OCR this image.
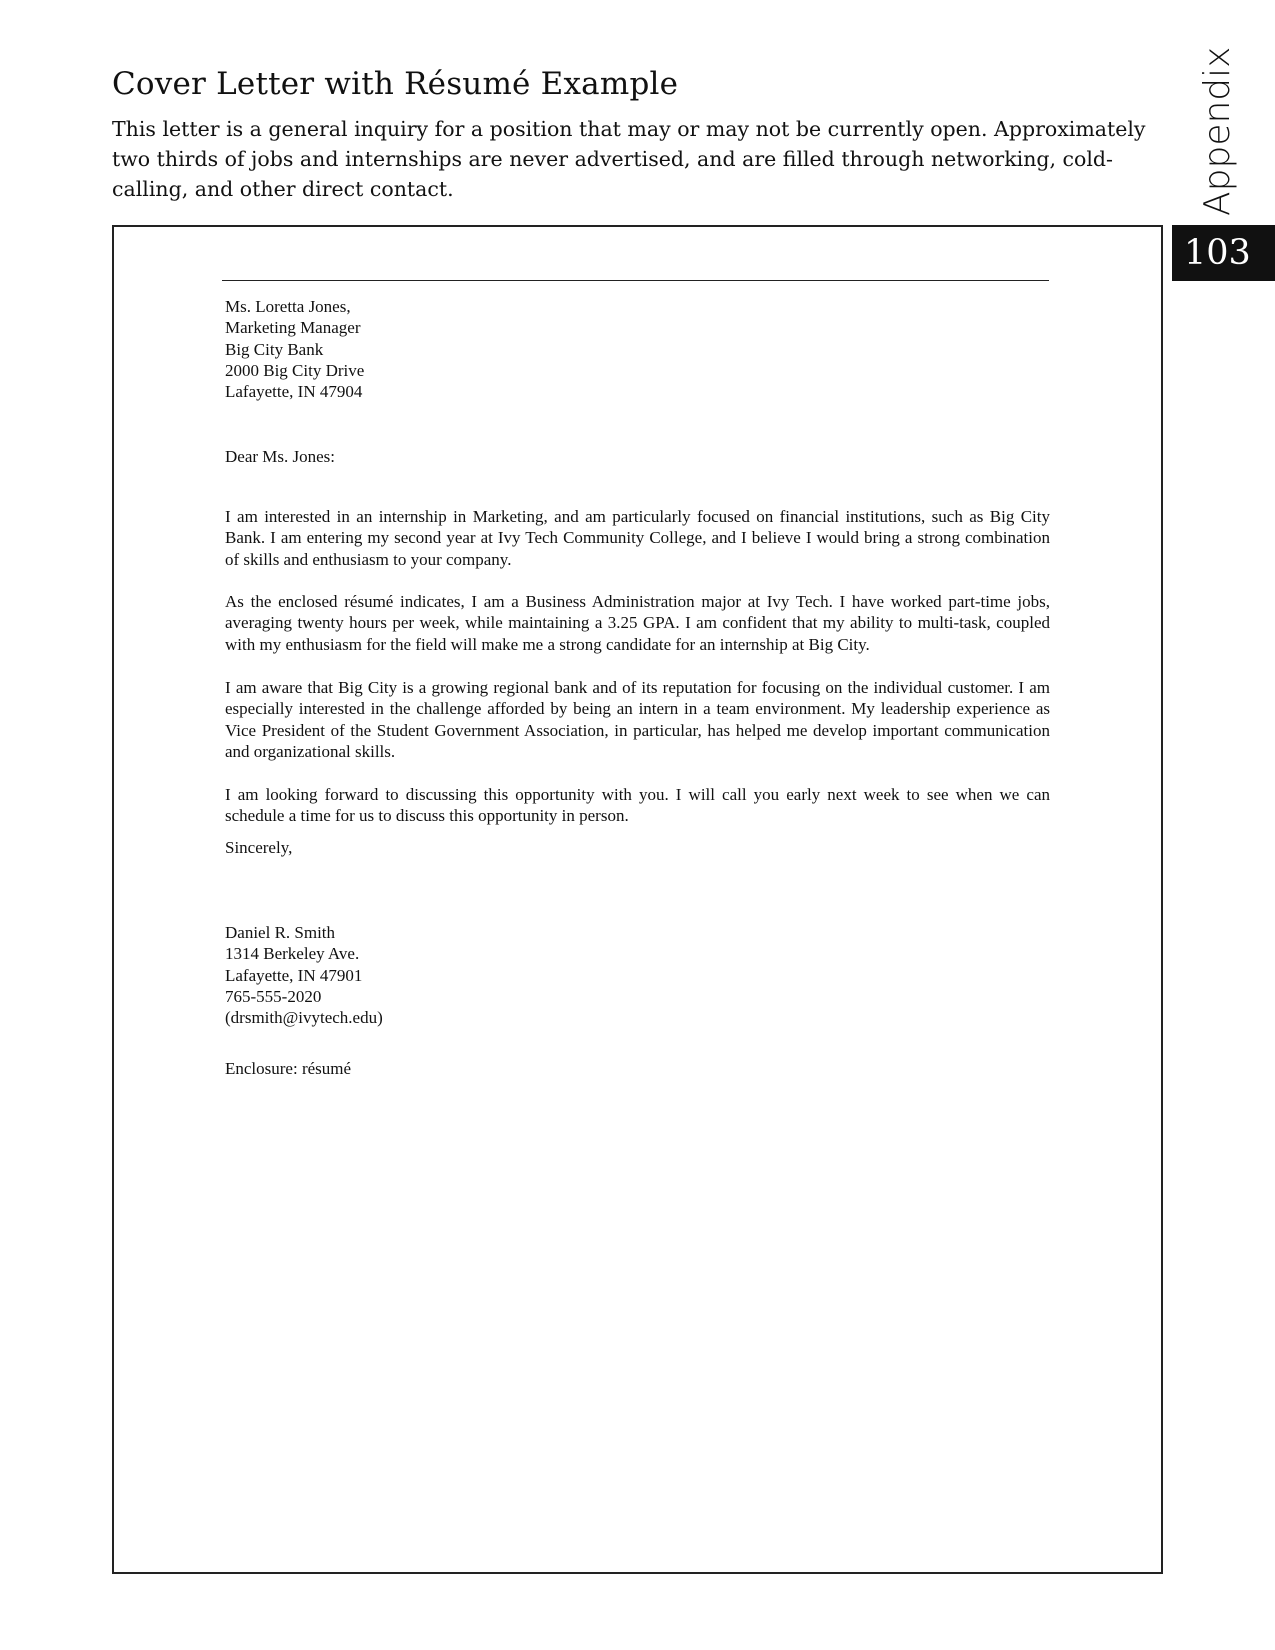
Cover Letter with Résumé Example

This letter is a general inquiry for a position that may or may not be currently open. Approximately two thirds of jobs and internships are never advertised, and are filled through networking, cold-calling, and other direct contact.	Appendix
103

Ms. Loretta Jones,

Marketing Manager

Big City Bank

2000 Big City Drive

Lafayette, IN 47904

Dear Ms. Jones:

I am interested in an internship in Marketing, and am particularly focused on financial institutions, such as Big City Bank. I am entering my second year at Ivy Tech Community College, and I believe I would bring a strong combination of skills and enthusiasm to your company.

As the enclosed résumé indicates, I am a Business Administration major at Ivy Tech. I have worked part-time jobs, averaging twenty hours per week, while maintaining a 3.25 GPA. I am confident that my ability to multi-task, coupled with my enthusiasm for the field will make me a strong candidate for an internship at Big City.

I am aware that Big City is a growing regional bank and of its reputation for focusing on the individual customer. I am especially interested in the challenge afforded by being an intern in a team environment. My leadership experience as Vice President of the Student Government Association, in particular, has helped me develop important communication and organizational skills.

I am looking forward to discussing this opportunity with you. I will call you early next week to see when we can schedule a time for us to discuss this opportunity in person.

Sincerely,

Daniel R. Smith

1314 Berkeley Ave.

Lafayette, IN 47901

765-555-2020

(drsmith@ivytech.edu)

Enclosure: résumé
